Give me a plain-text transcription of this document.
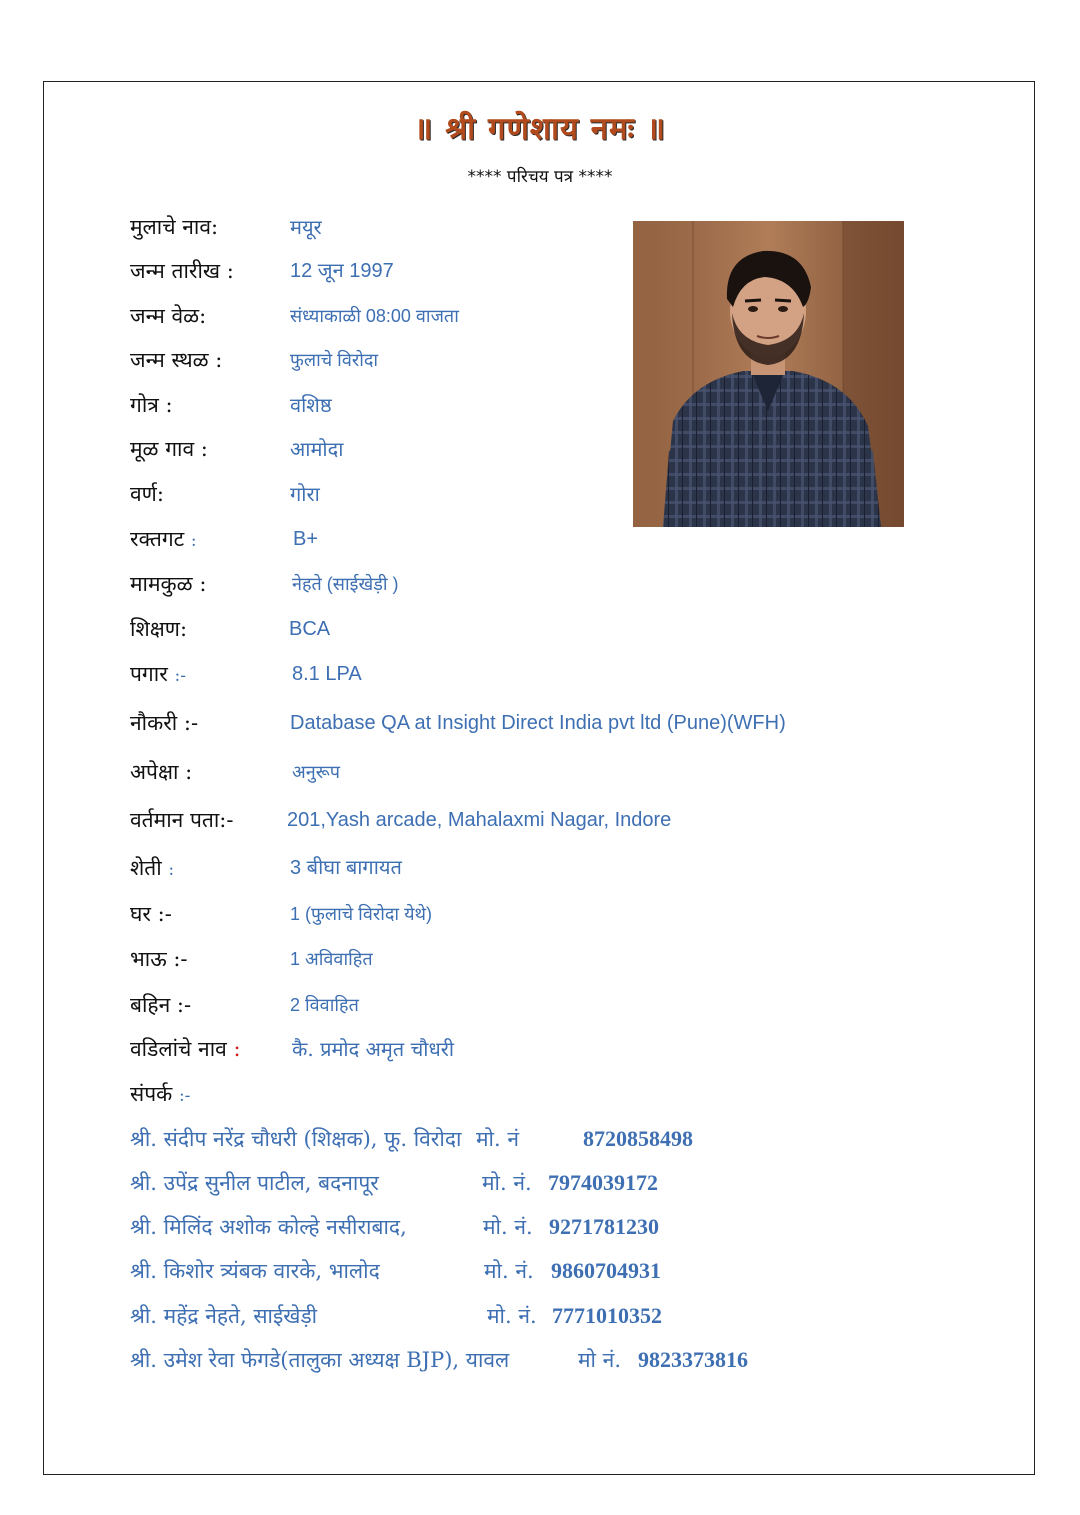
॥ श्री गणेशाय नमः ॥
**** परिचय पत्र ****
मुलाचे नाव:	मयूर
जन्म तारीख :	12 जून 1997
जन्म वेळ:	संध्याकाळी 08:00 वाजता
जन्म स्थळ :	फुलाचे विरोदा
गोत्र :	वशिष्ठ
मूळ गाव :	आमोदा
वर्ण:	गोरा
रक्तगट :	B+
मामकुळ :	नेहते (साईखेड़ी )
शिक्षण:	BCA
पगार :-	8.1 LPA
नौकरी :-	Database QA at Insight Direct India pvt ltd (Pune)(WFH)
अपेक्षा :	अनुरूप
वर्तमान पता:-	201,Yash arcade, Mahalaxmi Nagar, Indore
शेती :	3 बीघा बागायत
घर :-	1 (फुलाचे विरोदा येथे)
भाऊ :-	1 अविवाहित
बहिन :-	2 विवाहित
वडिलांचे नाव :	कै. प्रमोद अमृत चौधरी
संपर्क :-
श्री. संदीप नरेंद्र चौधरी (शिक्षक), फू. विरोदा मो. नं	8720858498
श्री. उपेंद्र सुनील पाटील, बदनापूर	मो. नं. 7974039172
श्री. मिलिंद अशोक कोल्हे नसीराबाद,	मो. नं. 9271781230
श्री. किशोर त्र्यंबक वारके, भालोद	मो. नं. 9860704931
श्री. महेंद्र नेहते, साईखेड़ी	मो. नं. 7771010352
श्री. उमेश रेवा फेगडे(तालुका अध्यक्ष BJP), यावल	मो नं. 9823373816
